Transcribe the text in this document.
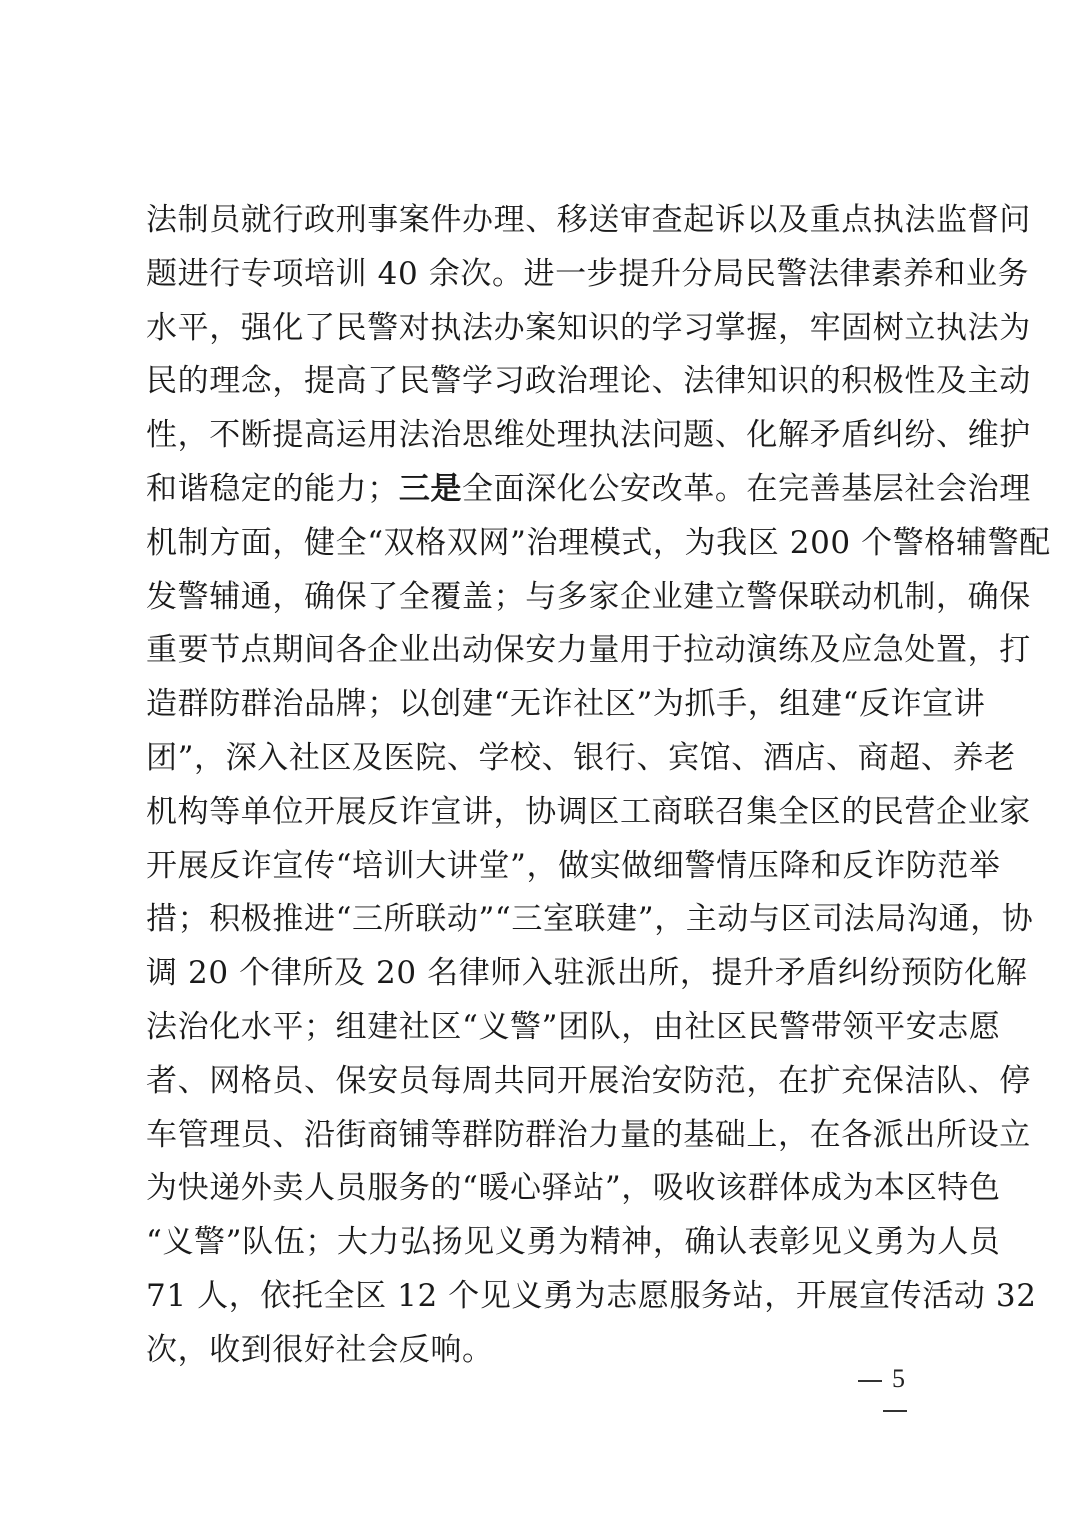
法制员就行政刑事案件办理、移送审查起诉以及重点执法监督问
题进行专项培训 40 余次。进一步提升分局民警法律素养和业务
水平，强化了民警对执法办案知识的学习掌握，牢固树立执法为
民的理念，提高了民警学习政治理论、法律知识的积极性及主动
性，不断提高运用法治思维处理执法问题、化解矛盾纠纷、维护
和谐稳定的能力；三是全面深化公安改革。在完善基层社会治理
机制方面，健全“双格双网”治理模式，为我区 200 个警格辅警配
发警辅通，确保了全覆盖；与多家企业建立警保联动机制，确保
重要节点期间各企业出动保安力量用于拉动演练及应急处置，打
造群防群治品牌；以创建“无诈社区”为抓手，组建“反诈宣讲
团”，深入社区及医院、学校、银行、宾馆、酒店、商超、养老
机构等单位开展反诈宣讲，协调区工商联召集全区的民营企业家
开展反诈宣传“培训大讲堂”，做实做细警情压降和反诈防范举
措；积极推进“三所联动”“三室联建”，主动与区司法局沟通，协
调 20 个律所及 20 名律师入驻派出所，提升矛盾纠纷预防化解
法治化水平；组建社区“义警”团队，由社区民警带领平安志愿
者、网格员、保安员每周共同开展治安防范，在扩充保洁队、停
车管理员、沿街商铺等群防群治力量的基础上，在各派出所设立
为快递外卖人员服务的“暖心驿站”，吸收该群体成为本区特色
“义警”队伍；大力弘扬见义勇为精神，确认表彰见义勇为人员
71 人，依托全区 12 个见义勇为志愿服务站，开展宣传活动 32
次，收到很好社会反响。
5
